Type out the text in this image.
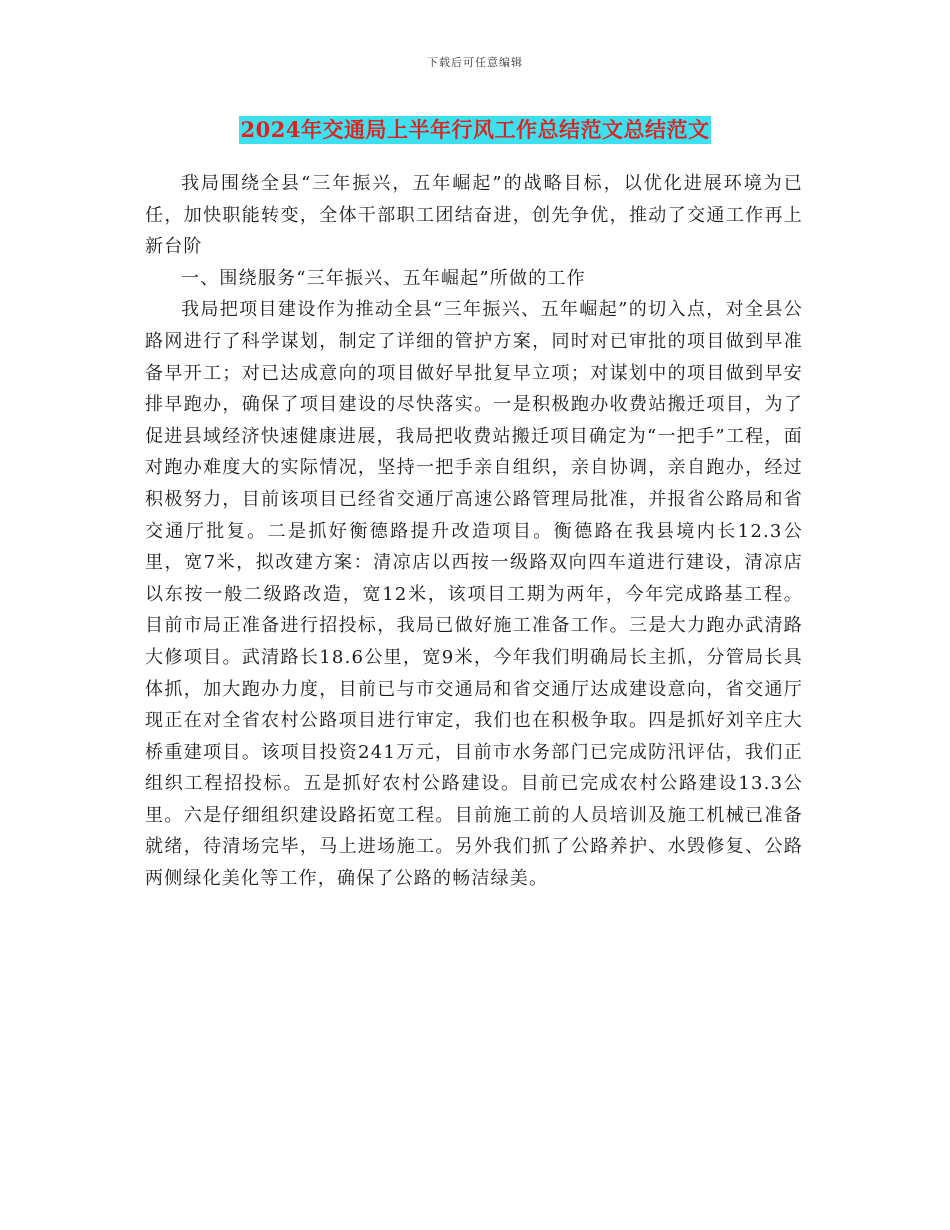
下载后可任意编辑
2024年交通局上半年行风工作总结范文总结范文

我局围绕全县“三年振兴，五年崛起”的战略目标，以优化进展环境为已任，加快职能转变，全体干部职工团结奋进，创先争优，推动了交通工作再上新台阶

一、围绕服务“三年振兴、五年崛起”所做的工作

我局把项目建设作为推动全县“三年振兴、五年崛起”的切入点，对全县公路网进行了科学谋划，制定了详细的管护方案，同时对已审批的项目做到早准备早开工；对已达成意向的项目做好早批复早立项；对谋划中的项目做到早安排早跑办，确保了项目建设的尽快落实。一是积极跑办收费站搬迁项目，为了促进县域经济快速健康进展，我局把收费站搬迁项目确定为“一把手”工程，面对跑办难度大的实际情况，坚持一把手亲自组织，亲自协调，亲自跑办，经过积极努力，目前该项目已经省交通厅高速公路管理局批准，并报省公路局和省交通厅批复。二是抓好衡德路提升改造项目。衡德路在我县境内长12.3公里，宽7米，拟改建方案：清凉店以西按一级路双向四车道进行建设，清凉店以东按一般二级路改造，宽12米，该项目工期为两年，今年完成路基工程。目前市局正准备进行招投标，我局已做好施工准备工作。三是大力跑办武清路大修项目。武清路长18.6公里，宽9米，今年我们明确局长主抓，分管局长具体抓，加大跑办力度，目前已与市交通局和省交通厅达成建设意向，省交通厅现正在对全省农村公路项目进行审定，我们也在积极争取。四是抓好刘辛庄大桥重建项目。该项目投资241万元，目前市水务部门已完成防汛评估，我们正组织工程招投标。五是抓好农村公路建设。目前已完成农村公路建设13.3公里。六是仔细组织建设路拓宽工程。目前施工前的人员培训及施工机械已准备就绪，待清场完毕，马上进场施工。另外我们抓了公路养护、水毁修复、公路两侧绿化美化等工作，确保了公路的畅洁绿美。
